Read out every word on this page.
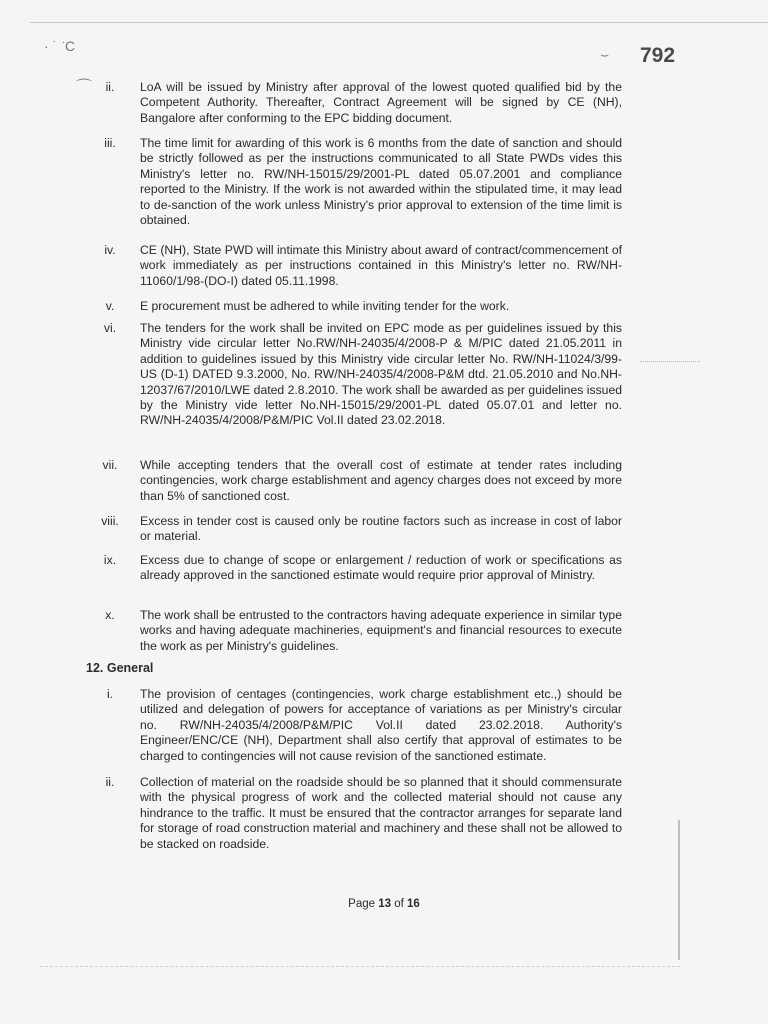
· ˙ ͘ C
⌒
⌣ 792
ii.	LoA will be issued by Ministry after approval of the lowest quoted qualified bid by the Competent Authority. Thereafter, Contract Agreement will be signed by CE (NH), Bangalore after conforming to the EPC bidding document.
iii.	The time limit for awarding of this work is 6 months from the date of sanction and should be strictly followed as per the instructions communicated to all State PWDs vides this Ministry's letter no. RW/NH-15015/29/2001-PL dated 05.07.2001 and compliance reported to the Ministry. If the work is not awarded within the stipulated time, it may lead to de-sanction of the work unless Ministry's prior approval to extension of the time limit is obtained.
iv.	CE (NH), State PWD will intimate this Ministry about award of contract/commencement of work immediately as per instructions contained in this Ministry's letter no. RW/NH-11060/1/98-(DO-I) dated 05.11.1998.
v.	E procurement must be adhered to while inviting tender for the work.
vi.	The tenders for the work shall be invited on EPC mode as per guidelines issued by this Ministry vide circular letter No.RW/NH-24035/4/2008-P & M/PIC dated 21.05.2011 in addition to guidelines issued by this Ministry vide circular letter No. RW/NH-11024/3/99-US (D-1) DATED 9.3.2000, No. RW/NH-24035/4/2008-P&M dtd. 21.05.2010 and No.NH-12037/67/2010/LWE dated 2.8.2010. The work shall be awarded as per guidelines issued by the Ministry vide letter No.NH-15015/29/2001-PL dated 05.07.01 and letter no. RW/NH-24035/4/2008/P&M/PIC Vol.II dated 23.02.2018.
vii.	While accepting tenders that the overall cost of estimate at tender rates including contingencies, work charge establishment and agency charges does not exceed by more than 5% of sanctioned cost.
viii.	Excess in tender cost is caused only be routine factors such as increase in cost of labor or material.
ix.	Excess due to change of scope or enlargement / reduction of work or specifications as already approved in the sanctioned estimate would require prior approval of Ministry.
x.	The work shall be entrusted to the contractors having adequate experience in similar type works and having adequate machineries, equipment's and financial resources to execute the work as per Ministry's guidelines.
12. General
i.	The provision of centages (contingencies, work charge establishment etc.,) should be utilized and delegation of powers for acceptance of variations as per Ministry's circular no. RW/NH-24035/4/2008/P&M/PIC Vol.II dated 23.02.2018. Authority's Engineer/ENC/CE (NH), Department shall also certify that approval of estimates to be charged to contingencies will not cause revision of the sanctioned estimate.
ii.	Collection of material on the roadside should be so planned that it should commensurate with the physical progress of work and the collected material should not cause any hindrance to the traffic. It must be ensured that the contractor arranges for separate land for storage of road construction material and machinery and these shall not be allowed to be stacked on roadside.
Page 13 of 16
